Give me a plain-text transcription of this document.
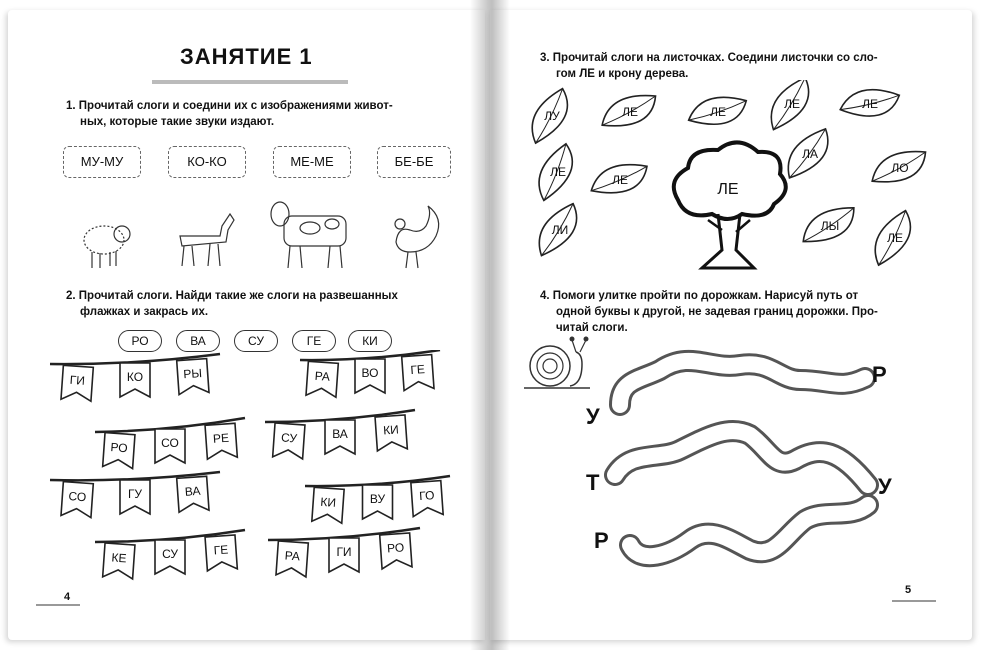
ЗАНЯТИЕ 1
1. Прочитай слоги и соедини их с изображениями живот-
ных, которые такие звуки издают.
МУ-МУ	КО-КО	МЕ-МЕ	БЕ-БЕ
2. Прочитай слоги. Найди такие же слоги на развешанных
флажках и закрась их.
РО	ВА	СУ	ГЕ	КИ
ГИ	КО	РЫ
РО	СО	РЕ
СО	ГУ	ВА
КЕ	СУ	ГЕ
РА	ВО	ГЕ
СУ	ВА	КИ
КИ	ВУ	ГО
РА	ГИ	РО
4
3. Прочитай слоги на листочках. Соедини листочки со сло-
гом ЛЕ и крону дерева.
ЛУ	ЛЕ	ЛЕ
ЛЕ	ЛЕ
ЛЕ
ЛЕ
ЛА
ЛО
ЛИ	ЛЫ
ЛЕ
ЛЕ
4. Помоги улитке пройти по дорожкам. Нарисуй путь от
одной буквы к другой, не задевая границ дорожки. Про-
читай слоги.
Р
У
Т	У
Р
5
